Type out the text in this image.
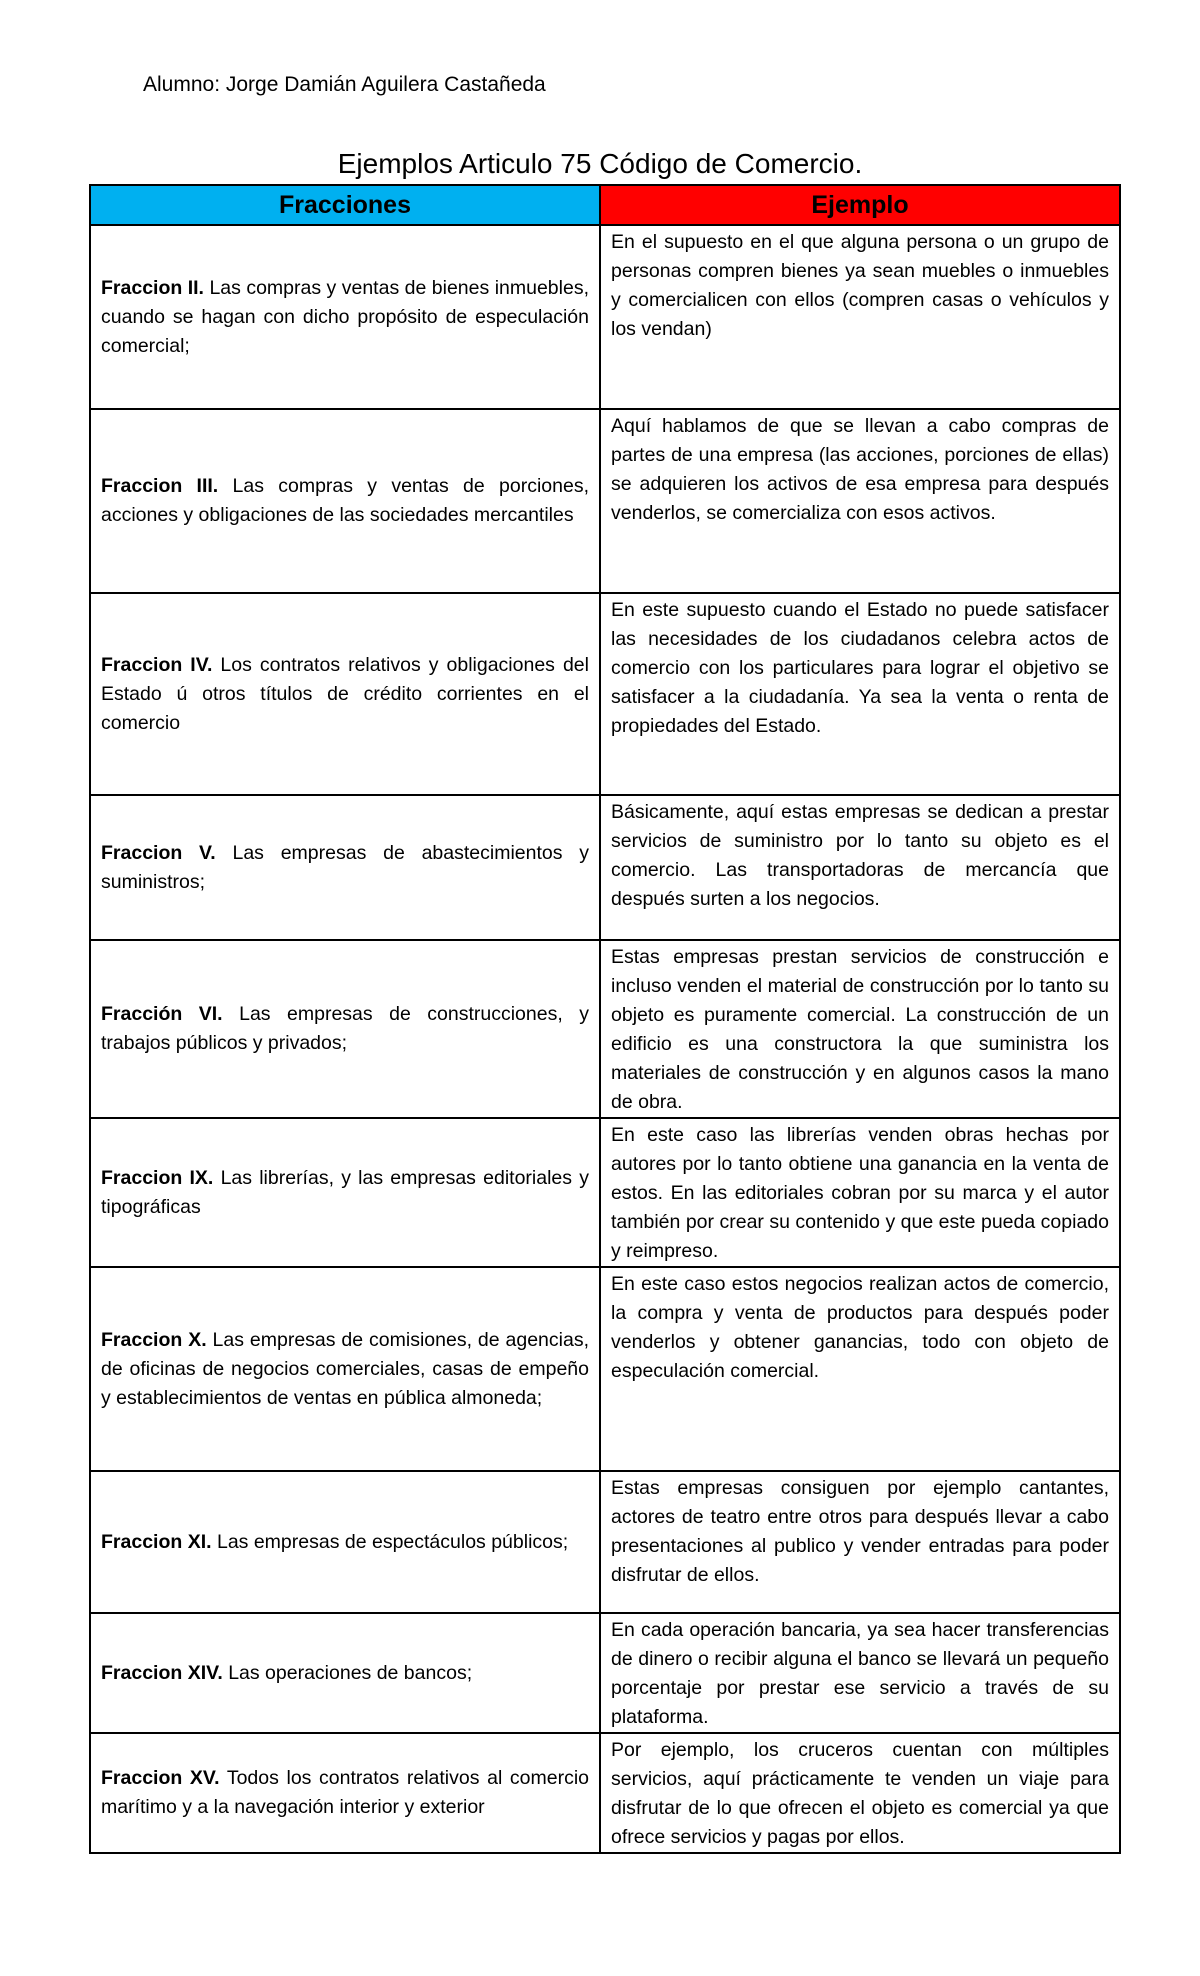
Alumno: Jorge Damián Aguilera Castañeda
Ejemplos Articulo 75 Código de Comercio.
Fracciones	Ejemplo

Fraccion II. Las compras y ventas de bienes inmuebles, cuando se hagan con dicho propósito de especulación comercial;	En el supuesto en el que alguna persona o un grupo de personas compren bienes ya sean muebles o inmuebles y comercialicen con ellos (compren casas o vehículos y los vendan)

Fraccion III. Las compras y ventas de porciones, acciones y obligaciones de las sociedades mercantiles	Aquí hablamos de que se llevan a cabo compras de partes de una empresa (las acciones, porciones de ellas) se adquieren los activos de esa empresa para después venderlos, se comercializa con esos activos.

Fraccion IV. Los contratos relativos y obligaciones del Estado ú otros títulos de crédito corrientes en el comercio	En este supuesto cuando el Estado no puede satisfacer las necesidades de los ciudadanos celebra actos de comercio con los particulares para lograr el objetivo se satisfacer a la ciudadanía. Ya sea la venta o renta de propiedades del Estado.

Fraccion V. Las empresas de abastecimientos y suministros;	Básicamente, aquí estas empresas se dedican a prestar servicios de suministro por lo tanto su objeto es el comercio. Las transportadoras de mercancía que después surten a los negocios.

Fracción VI. Las empresas de construcciones, y trabajos públicos y privados;	Estas empresas prestan servicios de construcción e incluso venden el material de construcción por lo tanto su objeto es puramente comercial. La construcción de un edificio es una constructora la que suministra los materiales de construcción y en algunos casos la mano de obra.

Fraccion IX. Las librerías, y las empresas editoriales y tipográficas	En este caso las librerías venden obras hechas por autores por lo tanto obtiene una ganancia en la venta de estos. En las editoriales cobran por su marca y el autor también por crear su contenido y que este pueda copiado y reimpreso.

Fraccion X. Las empresas de comisiones, de agencias, de oficinas de negocios comerciales, casas de empeño y establecimientos de ventas en pública almoneda;	En este caso estos negocios realizan actos de comercio, la compra y venta de productos para después poder venderlos y obtener ganancias, todo con objeto de especulación comercial.

Fraccion XI. Las empresas de espectáculos públicos;	Estas empresas consiguen por ejemplo cantantes, actores de teatro entre otros para después llevar a cabo presentaciones al publico y vender entradas para poder disfrutar de ellos.

Fraccion XIV. Las operaciones de bancos;	En cada operación bancaria, ya sea hacer transferencias de dinero o recibir alguna el banco se llevará un pequeño porcentaje por prestar ese servicio a través de su plataforma.

Fraccion XV. Todos los contratos relativos al comercio marítimo y a la navegación interior y exterior	Por ejemplo, los cruceros cuentan con múltiples servicios, aquí prácticamente te venden un viaje para disfrutar de lo que ofrecen el objeto es comercial ya que ofrece servicios y pagas por ellos.
